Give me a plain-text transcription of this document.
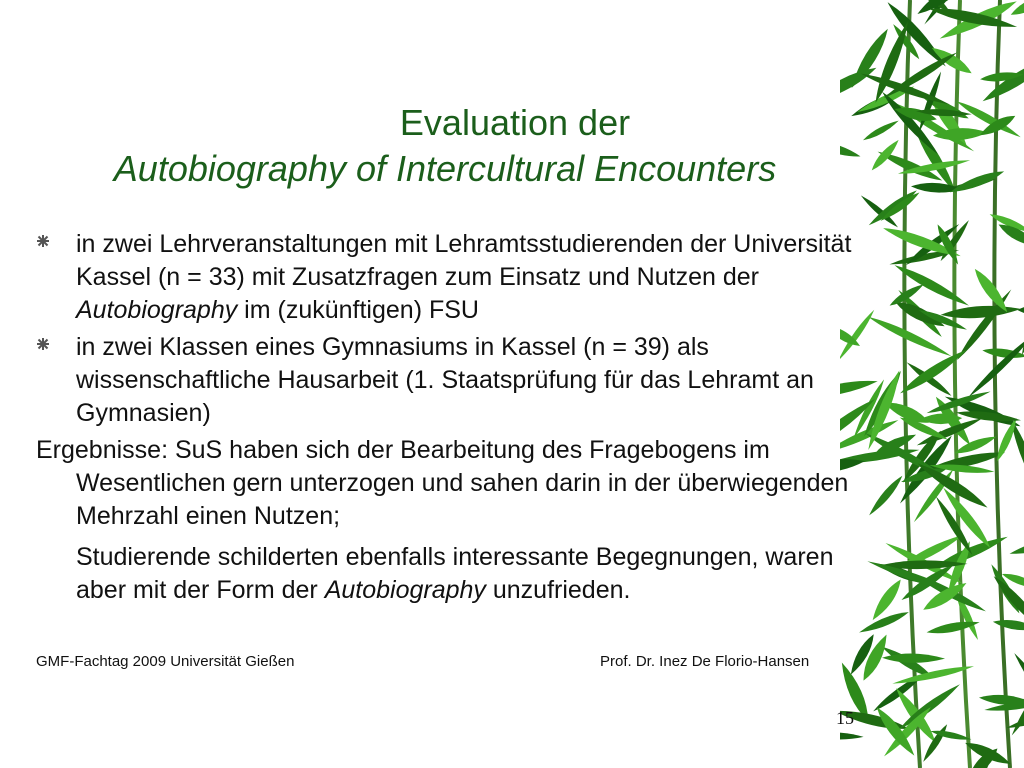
Evaluation der
Autobiography of Intercultural Encounters
in zwei Lehrveranstaltungen mit Lehramtsstudierenden der Universität Kassel (n = 33) mit Zusatzfragen zum Einsatz und Nutzen der Autobiography im (zukünftigen) FSU
in zwei Klassen eines Gymnasiums in Kassel (n = 39) als wissenschaftliche Hausarbeit (1. Staatsprüfung für das Lehramt an Gymnasien)
Ergebnisse: SuS haben sich der Bearbeitung des Fragebogens im Wesentlichen gern unterzogen und sahen darin in der überwiegenden Mehrzahl einen Nutzen;
Studierende schilderten ebenfalls interessante Begegnungen, waren aber mit der Form der Autobiography unzufrieden.
GMF-Fachtag 2009 Universität Gießen	Prof. Dr. Inez De Florio-Hansen
15
